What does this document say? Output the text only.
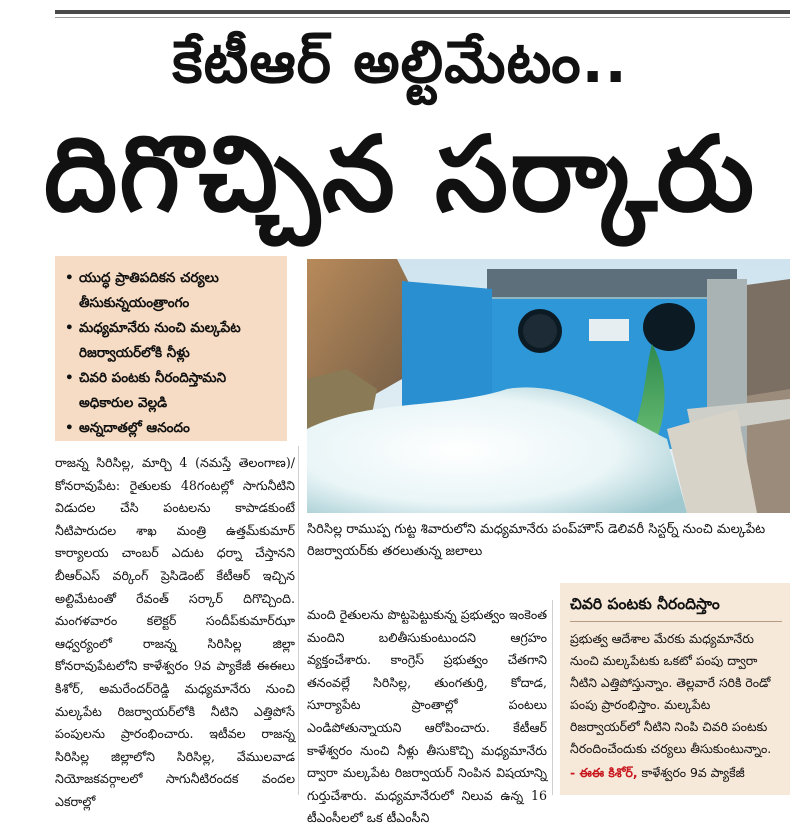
కేటీఆర్ అల్టిమేటం..
దిగొచ్చిన సర్కారు
• యుద్ధ ప్రాతిపదికన చర్యలు తీసుకున్నయంత్రాంగం
• మధ్యమానేరు నుంచి మల్కపేట రిజర్వాయర్‌లోకి నీళ్లు
• చివరి పంటకు నీరందిస్తామని అధికారుల వెల్లడి
• అన్నదాతల్లో ఆనందం
సిరిసిల్ల రాముప్ప గుట్ట శివారులోని మధ్యమానేరు పంప్‌హౌస్ డెలివరీ సిస్టర్న్ నుంచి మల్కపేట రిజర్వాయర్‌కు తరలుతున్న జలాలు
రాజన్న సిరిసిల్ల, మార్చి 4 (నమస్తే తెలంగాణ)/ కోనరావుపేట: రైతులకు 48గంటల్లో సాగునీటిని విడుదల చేసి పంటలను కాపాడకుంటే నీటిపారుదల శాఖ మంత్రి ఉత్తమ్‌కుమార్ కార్యాలయ చాంబర్ ఎదుట ధర్నా చేస్తానని బీఆర్‌ఎస్ వర్కింగ్ ప్రెసిడెంట్ కేటీఆర్ ఇచ్చిన అల్టిమేటంతో రేవంత్ సర్కార్ దిగొచ్చింది. మంగళవారం కలెక్టర్ సందీప్‌కుమార్‌ఝా ఆధ్వర్యంలో రాజన్న సిరిసిల్ల జిల్లా కోనరావుపేటలోని కాళేశ్వరం 9వ ప్యాకేజీ ఈఈలు కిశోర్, అమరేందర్‌రెడ్డి మధ్యమానేరు నుంచి మల్కపేట రిజర్వాయర్‌లోకి నీటిని ఎత్తిపోసే పంపులను ప్రారంభించారు. ఇటీవల రాజన్న సిరిసిల్ల జిల్లాలోని సిరిసిల్ల, వేములవాడ నియోజకవర్గాలలో సాగునీటిరందక వందల ఎకరాల్లో
మంది రైతులను పొట్టపెట్టుకున్న ప్రభుత్వం ఇంకెంత మందిని బలితీసుకుంటుందని ఆగ్రహం వ్యక్తంచేశారు. కాంగ్రెస్ ప్రభుత్వం చేతగాని తనంవల్లే సిరిసిల్ల, తుంగతుర్తి, కోదాడ, సూర్యాపేట ప్రాంతాల్లో పంటలు ఎండిపోతున్నాయని ఆరోపించారు. కేటీఆర్ కాళేశ్వరం నుంచి నీళ్లు తీసుకొచ్చి మధ్యమానేరు ద్వారా మల్కపేట రిజర్వాయర్ నింపిన విషయాన్ని గుర్తుచేశారు. మధ్యమానేరులో నిలువ ఉన్న 16 టీఎంసీలలో ఒక టీఎంసీని
చివరి పంటకు నీరందిస్తాం
ప్రభుత్వ ఆదేశాల మేరకు మధ్యమానేరు నుంచి మల్కపేటకు ఒకటో పంపు ద్వారా నీటిని ఎత్తిపోస్తున్నాం. తెల్లవారే సరికి రెండో పంపు ప్రారంభిస్తాం. మల్కపేట రిజర్వాయర్‌లో నీటిని నింపి చివరి పంటకు నీరందించేందుకు చర్యలు తీసుకుంటున్నాం.
- ఈఈ కిశోర్, కాళేశ్వరం 9వ ప్యాకేజీ
